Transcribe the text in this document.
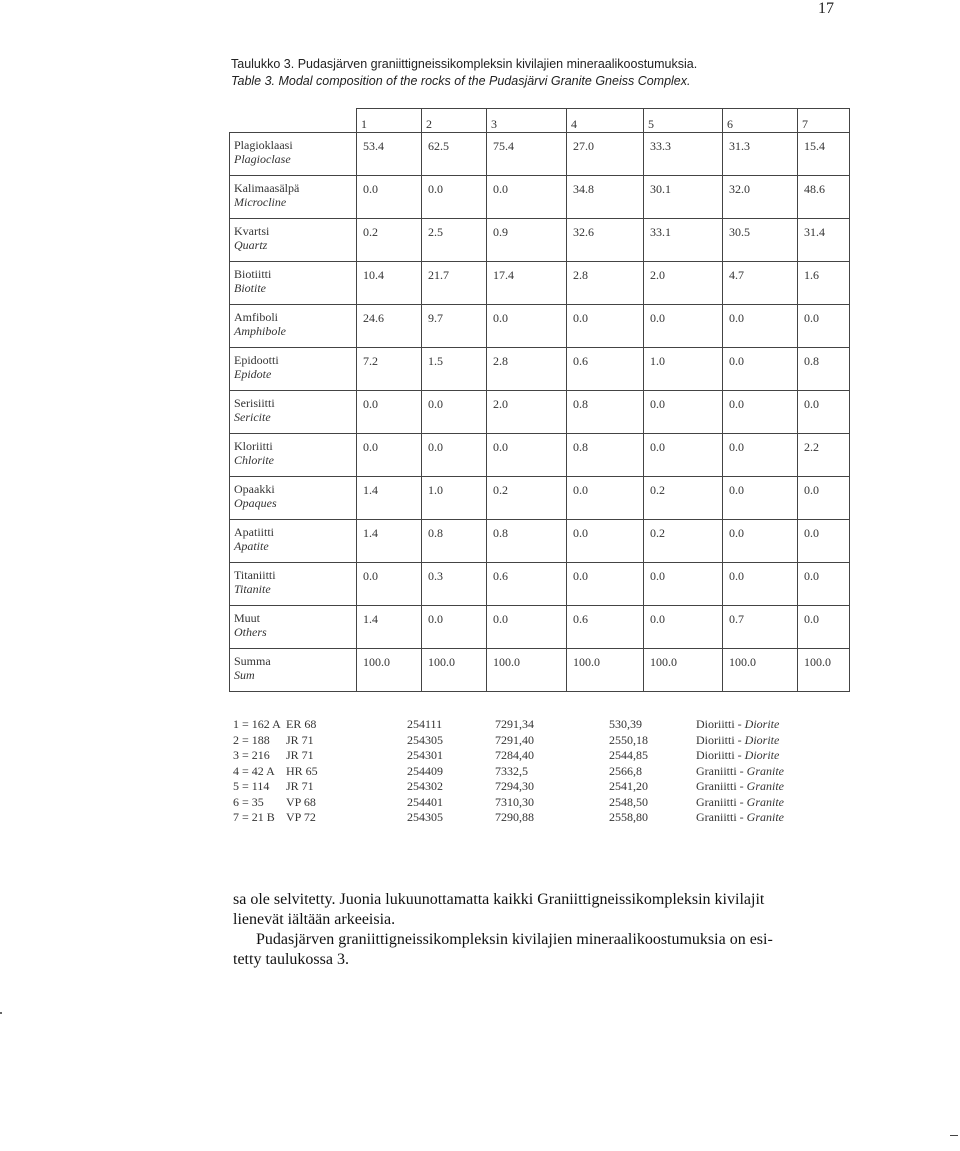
17
Taulukko 3. Pudasjärven graniittigneissikompleksin kivilajien mineraalikoostumuksia.
Table 3. Modal composition of the rocks of the Pudasjärvi Granite Gneiss Complex.
	1	2	3	4	5	6	7
Plagioklaasi
Plagioclase	53.4	62.5	75.4	27.0	33.3	31.3	15.4
Kalimaasälpä
Microcline	0.0	0.0	0.0	34.8	30.1	32.0	48.6
Kvartsi
Quartz	0.2	2.5	0.9	32.6	33.1	30.5	31.4
Biotiitti
Biotite	10.4	21.7	17.4	2.8	2.0	4.7	1.6
Amfiboli
Amphibole	24.6	9.7	0.0	0.0	0.0	0.0	0.0
Epidootti
Epidote	7.2	1.5	2.8	0.6	1.0	0.0	0.8
Serisiitti
Sericite	0.0	0.0	2.0	0.8	0.0	0.0	0.0
Kloriitti
Chlorite	0.0	0.0	0.0	0.8	0.0	0.0	2.2
Opaakki
Opaques	1.4	1.0	0.2	0.0	0.2	0.0	0.0
Apatiitti
Apatite	1.4	0.8	0.8	0.0	0.2	0.0	0.0
Titaniitti
Titanite	0.0	0.3	0.6	0.0	0.0	0.0	0.0
Muut
Others	1.4	0.0	0.0	0.6	0.0	0.7	0.0
Summa
Sum	100.0	100.0	100.0	100.0	100.0	100.0	100.0
1 = 162 A ER 68	254111	7291,34	530,39	Dioriitti - Diorite
2 = 188 JR 71	254305	7291,40	2550,18	Dioriitti - Diorite
3 = 216 JR 71	254301	7284,40	2544,85	Dioriitti - Diorite
4 = 42 A HR 65	254409	7332,5	2566,8	Graniitti - Granite
5 = 114 JR 71	254302	7294,30	2541,20	Graniitti - Granite
6 = 35 VP 68	254401	7310,30	2548,50	Graniitti - Granite
7 = 21 B VP 72	254305	7290,88	2558,80	Graniitti - Granite

sa ole selvitetty. Juonia lukuunottamatta kaikki Graniittigneissikompleksin kivilajit

lienevät iältään arkeeisia.

Pudasjärven graniittigneissikompleksin kivilajien mineraalikoostumuksia on esi-

tetty taulukossa 3.
